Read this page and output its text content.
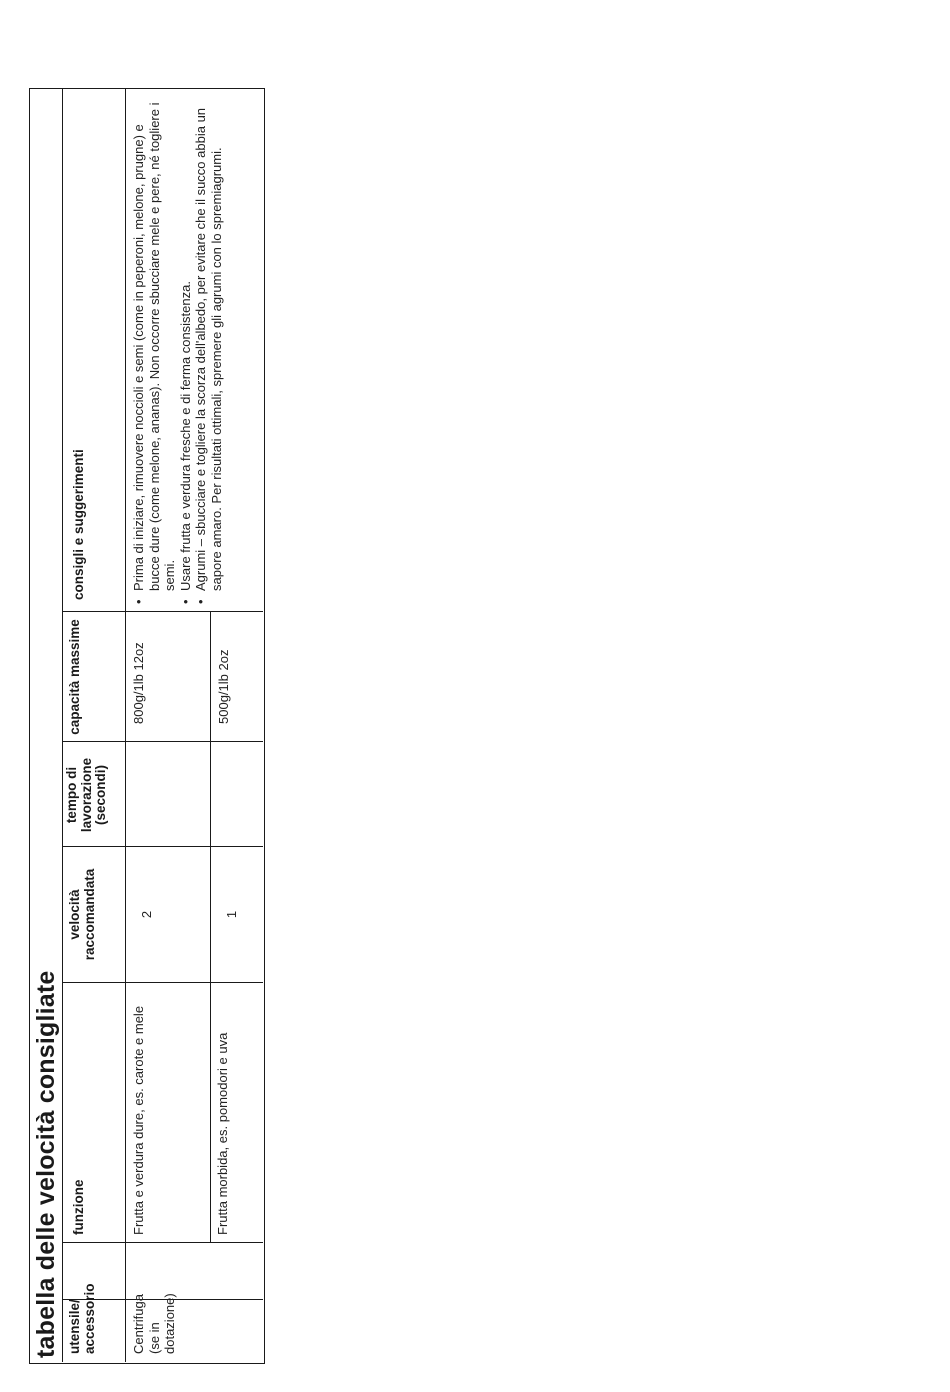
tabella delle velocità consigliate utensile/ accessorio
funzione
velocità raccomandata
tempo di lavorazione (secondi)
capacità massime
consigli e suggerimenti
Centrifuga (se in dotazione)
Frutta e verdura dure, es. carote e mele
2
800g/1lb 12oz
Frutta morbida, es. pomodori e uva
1
500g/1lb 2oz
•
Prima di iniziare, rimuovere noccioli e semi (come in peperoni, melone, prugne) e bucce dure (come melone, ananas). Non occorre sbucciare mele e pere, né togliere i semi.
•
Usare frutta e verdura fresche e di ferma consistenza.
•
Agrumi – sbucciare e togliere la scorza dell'albedo, per evitare che il succo abbia un sapore amaro. Per risultati ottimali, spremere gli agrumi con lo spremiagrumi.
